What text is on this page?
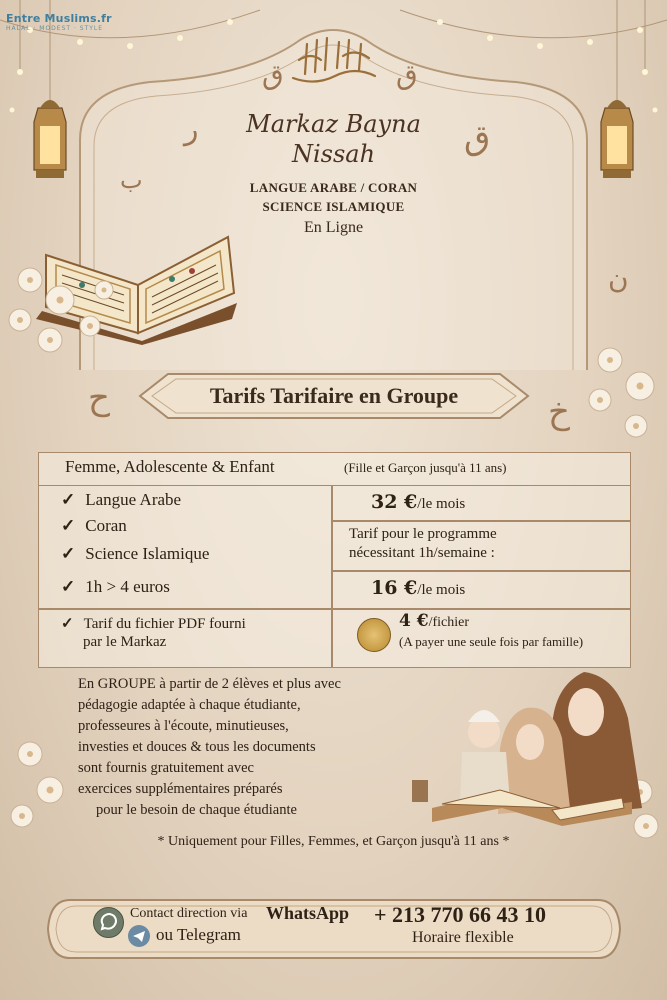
Entre Muslims.fr
HALAL · MODEST · STYLE
Markaz Bayna
Nissah
LANGUE ARABE / CORAN
SCIENCE ISLAMIQUE
En Ligne
ق
ر
ب
ق
ق
ن
ح	خ
Tarifs Tarifaire en Groupe
Femme, Adolescente & Enfant	(Fille et Garçon jusqu'à 11 ans)
✓ Langue Arabe
✓ Coran
✓ Science Islamique
✓ 1h > 4 euros
32 €/le mois
Tarif pour le programme
nécessitant 1h/semaine :
16 €/le mois
✓ Tarif du fichier PDF fourni
par le Markaz
4 €/fichier
(A payer une seule fois par famille)
En GROUPE à partir de 2 élèves et plus avec
pédagogie adaptée à chaque étudiante,
professeures à l'écoute, minutieuses,
investies et douces & tous les documents
sont fournis gratuitement avec
exercices supplémentaires préparés
pour le besoin de chaque étudiante
* Uniquement pour Filles, Femmes, et Garçon jusqu'à 11 ans *
Contact direction via WhatsApp
ou Telegram
+ 213 770 66 43 10
Horaire flexible
